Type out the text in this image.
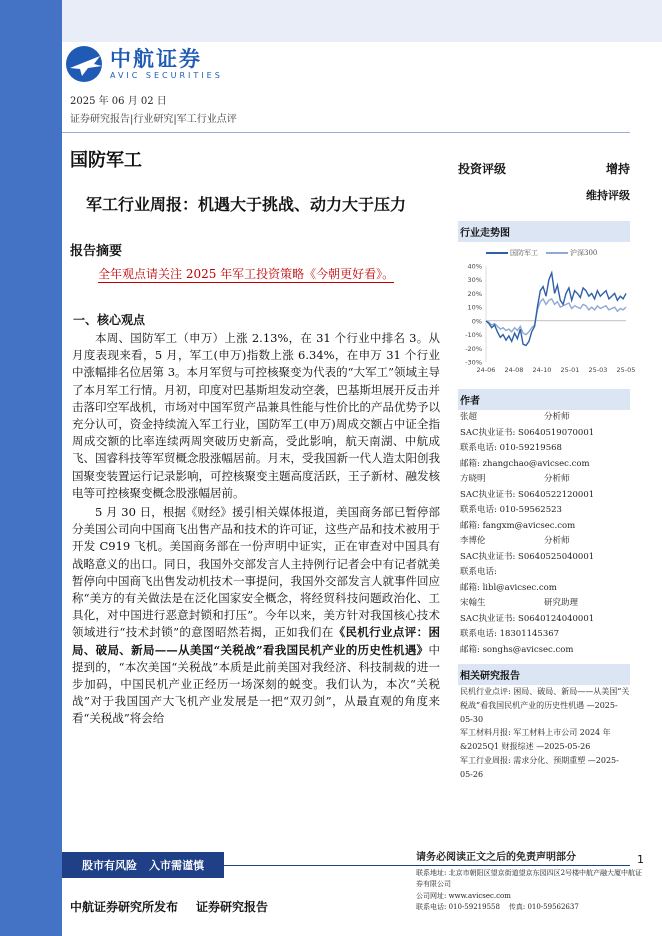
中航证券
AVIC SECURITIES
2025 年 06 月 02 日
证券研究报告|行业研究|军工行业点评
国防军工
军工行业周报：机遇大于挑战、动力大于压力
报告摘要
全年观点请关注 2025 年军工投资策略《今朝更好看》。
一、核心观点

本周、国防军工（申万）上涨 2.13%，在 31 个行业中排名 3。从月度表现来看，5 月，军工(申万)指数上涨 6.34%，在申万 31 个行业中涨幅排名位居第 3。本月军贸与可控核聚变为代表的“大军工”领域主导了本月军工行情。月初，印度对巴基斯坦发动空袭，巴基斯坦展开反击并击落印空军战机，市场对中国军贸产品兼具性能与性价比的产品优势予以充分认可，资金持续流入军工行业，国防军工(申万)周成交额占中证全指周成交额的比率连续两周突破历史新高，受此影响，航天南湖、中航成飞、国睿科技等军贸概念股涨幅居前。月末，受我国新一代人造太阳创我国聚变装置运行记录影响，可控核聚变主题高度活跃，王子新材、融发核电等可控核聚变概念股涨幅居前。

5 月 30 日，根据《财经》援引相关媒体报道，美国商务部已暂停部分美国公司向中国商飞出售产品和技术的许可证，这些产品和技术被用于开发 C919 飞机。美国商务部在一份声明中证实，正在审查对中国具有战略意义的出口。同日，我国外交部发言人主持例行记者会中有记者就美暂停向中国商飞出售发动机技术一事提问，我国外交部发言人就事件回应称“美方的有关做法是在泛化国家安全概念，将经贸科技问题政治化、工具化，对中国进行恶意封锁和打压”。今年以来，美方针对我国核心技术领域进行“技术封锁”的意图昭然若揭，正如我们在《民机行业点评：困局、破局、新局——从美国“关税战”看我国民机产业的历史性机遇》中提到的，“本次美国“关税战”本质是此前美国对我经济、科技制裁的进一步加码，中国民机产业正经历一场深刻的蜕变。我们认为，本次“关税战”对于我国国产大飞机产业发展是一把“双刃剑”，从最直观的角度来看“关税战”将会给

投资评级	增持
维持评级
行业走势图
国防军工	沪深300
40%
30%
20%
10%
0%
-10%
-20%
-30%
24-06 24-08 24-10 25-01 25-03 25-05
作者
张超	分析师
SAC执业证书: S0640519070001
联系电话: 010-59219568
邮箱: zhangchao@avicsec.com
方晓明	分析师
SAC执业证书: S0640522120001
联系电话: 010-59562523
邮箱: fangxm@avicsec.com
李博伦	分析师
SAC执业证书: S0640525040001
联系电话:
邮箱: libl@avicsec.com
宋翰生	研究助理
SAC执业证书: S0640124040001
联系电话: 18301145367
邮箱: songhs@avicsec.com
相关研究报告
民机行业点评: 困局、破局、新局——从美国“关税战”看我国民机产业的历史性机遇 —2025-05-30
军工材料月报: 军工材料上市公司 2024 年&2025Q1 财报综述 —2025-05-26
军工行业周报: 需求分化、预期重塑 —2025-05-26
股市有风险 入市需谨慎
请务必阅读正文之后的免责声明部分
联系地址: 北京市朝阳区望京街道望京东园四区2号楼中航产融大厦中航证券有限公司
公司网址: www.avicsec.com
联系电话: 010-59219558 传真: 010-59562637
1
中航证券研究所发布 证券研究报告
